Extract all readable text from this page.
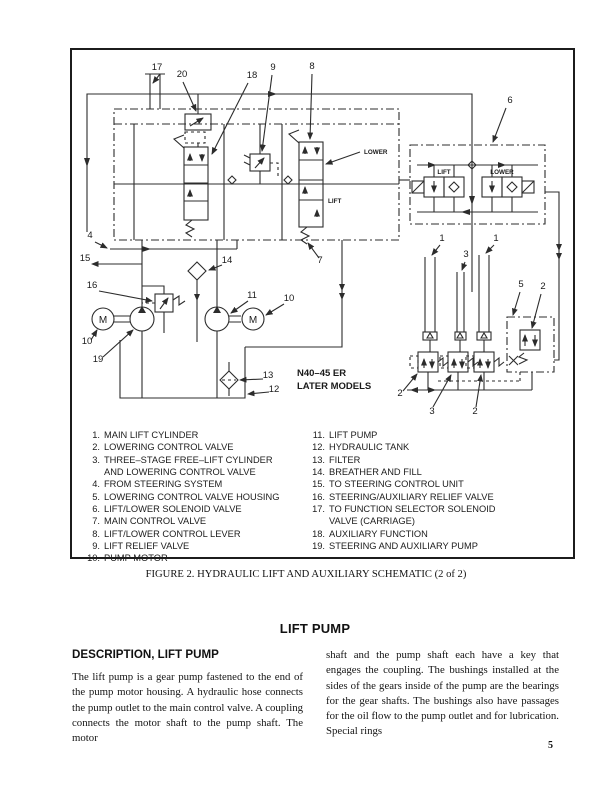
17
20	18
9	8
6
4
15
16
14
11	10
10
19
7
13
12
1
3
1
5 2
2
3	2
LOWER
LIFT
LIFT	LOWER
M	M
N40–45 ER
LATER MODELS
1. MAIN LIFT CYLINDER
2. LOWERING CONTROL VALVE
3. THREE–STAGE FREE–LIFT CYLINDER
AND LOWERING CONTROL VALVE
4. FROM STEERING SYSTEM
5. LOWERING CONTROL VALVE HOUSING
6. LIFT/LOWER SOLENOID VALVE
7. MAIN CONTROL VALVE
8. LIFT/LOWER CONTROL LEVER
9. LIFT RELIEF VALVE
10. PUMP MOTOR
11. LIFT PUMP
12. HYDRAULIC TANK
13. FILTER
14. BREATHER AND FILL
15. TO STEERING CONTROL UNIT
16. STEERING/AUXILIARY RELIEF VALVE
17. TO FUNCTION SELECTOR SOLENOID
VALVE (CARRIAGE)
18. AUXILIARY FUNCTION
19. STEERING AND AUXILIARY PUMP
FIGURE 2. HYDRAULIC LIFT AND AUXILIARY SCHEMATIC (2 of 2)
LIFT PUMP
DESCRIPTION, LIFT PUMP
The lift pump is a gear pump fastened to the end of the pump motor housing. A hydraulic hose connects the pump outlet to the main control valve. A coupling connects the motor shaft to the pump shaft. The motor
shaft and the pump shaft each have a key that engages the coupling. The bushings installed at the sides of the gears inside of the pump are the bearings for the gear shafts. The bushings also have passages for the oil flow to the pump outlet and for lubrication. Special rings
5
